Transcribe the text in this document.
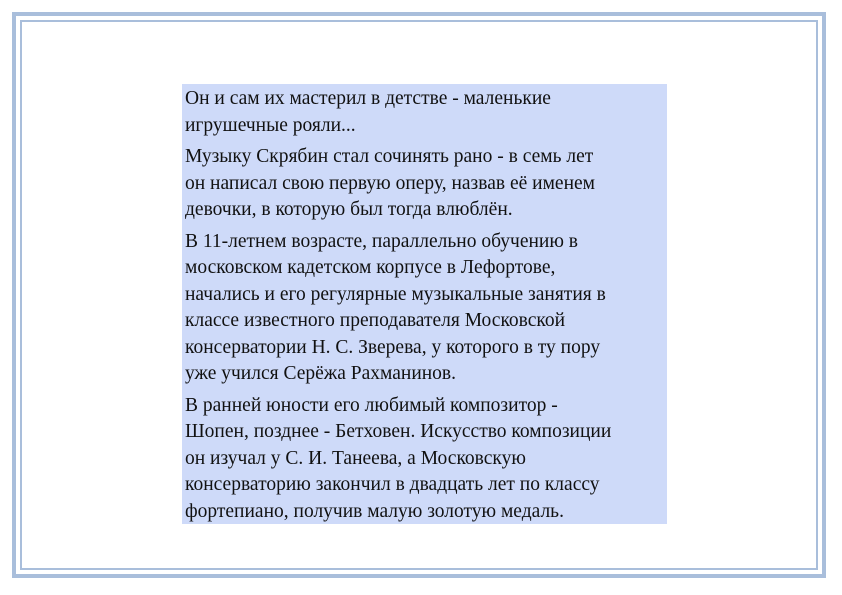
Он и сам их мастерил в детстве - маленькие
игрушечные рояли...

Музыку Скрябин стал сочинять рано - в семь лет
он написал свою первую оперу, назвав её именем
девочки, в которую был тогда влюблён.

В 11-летнем возрасте, параллельно обучению в
московском кадетском корпусе в Лефортове,
начались и его регулярные музыкальные занятия в
классе известного преподавателя Московской
консерватории Н. С. Зверева, у которого в ту пору
уже учился Серёжа Рахманинов.

В ранней юности его любимый композитор -
Шопен, позднее - Бетховен. Искусство композиции
он изучал у С. И. Танеева, а Московскую
консерваторию закончил в двадцать лет по классу
фортепиано, получив малую золотую медаль.
